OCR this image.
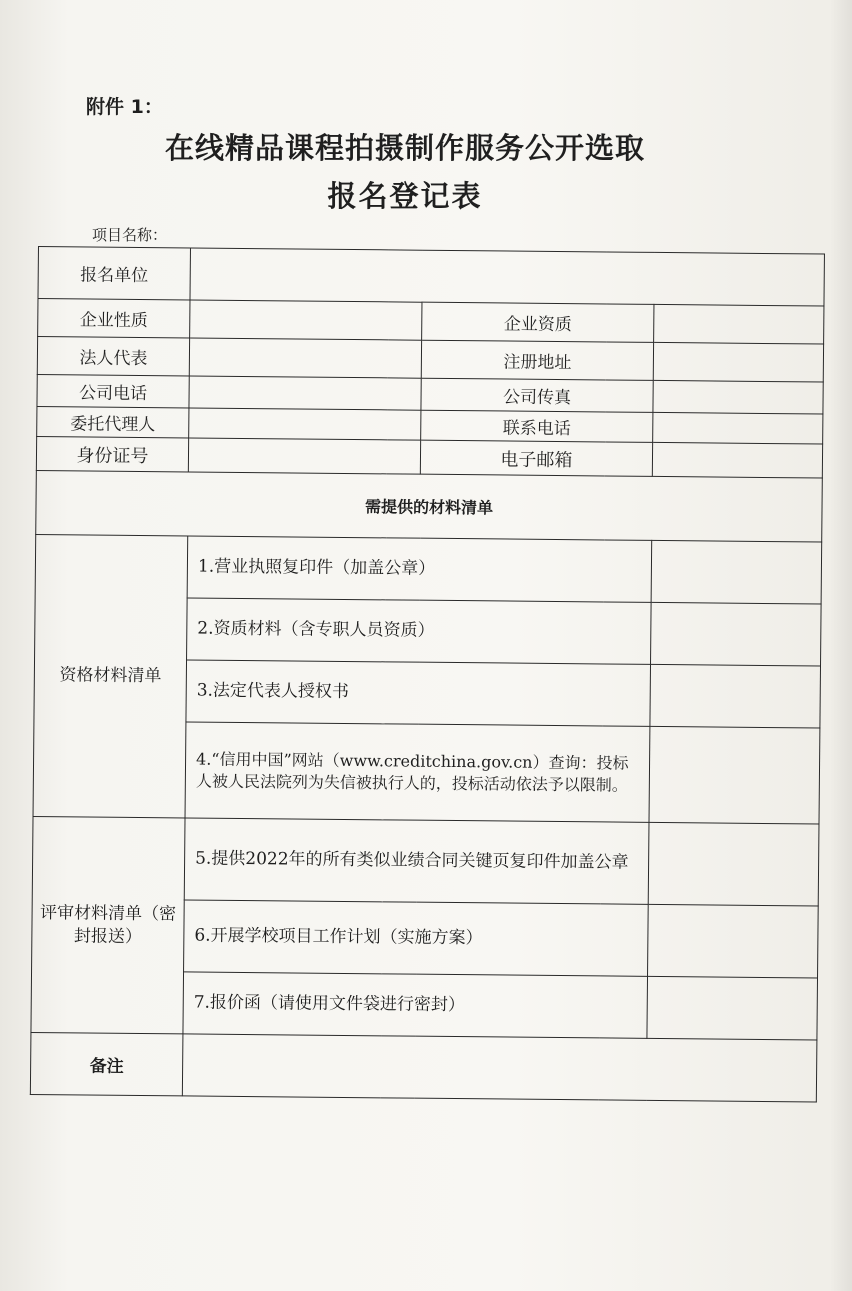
附件 1：
在线精品课程拍摄制作服务公开选取
报名登记表
项目名称：
报名单位			
企业性质		企业资质	
法人代表		注册地址	
公司电话		公司传真	
委托代理人		联系电话	
身份证号		电子邮箱	
需提供的材料清单			
资格材料清单	1.营业执照复印件（加盖公章）		
	2.资质材料（含专职人员资质）		
	3.法定代表人授权书		
	4.“信用中国”网站（www.creditchina.gov.cn）查询：投标人被人民法院列为失信被执行人的，投标活动依法予以限制。		
评审材料清单（密封报送）	5.提供2022年的所有类似业绩合同关键页复印件加盖公章		
	6.开展学校项目工作计划（实施方案）		
	7.报价函（请使用文件袋进行密封）		
备注			
